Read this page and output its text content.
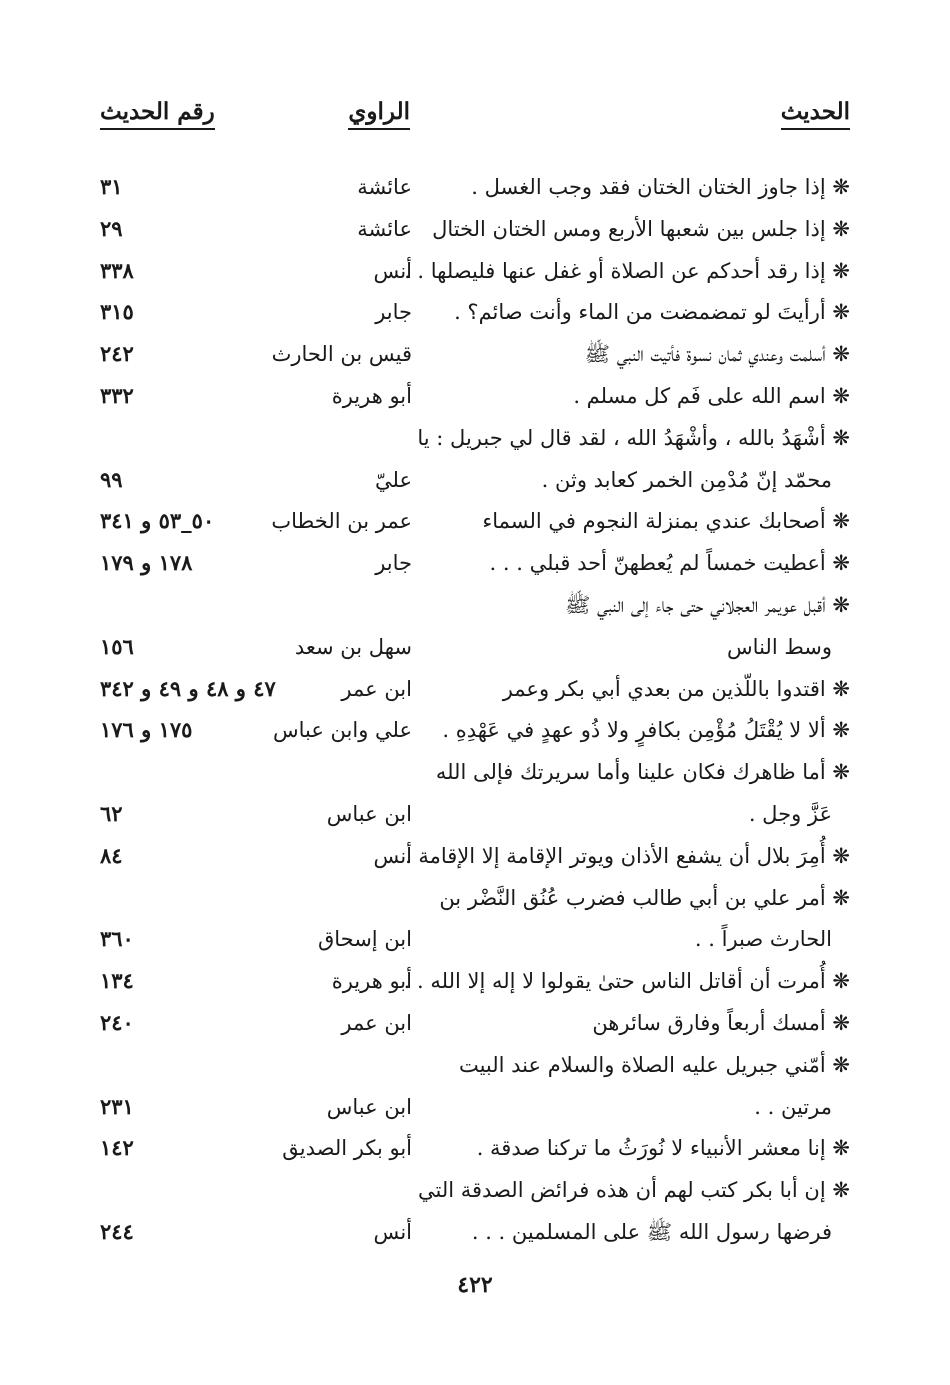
الحديث
الراوي
رقم الحديث
❋ إذا جاوز الختان الختان فقد وجب الغسل .
عائشة
٣١
❋ إذا جلس بين شعبها الأربع ومس الختان الختال
عائشة
٢٩
❋ إذا رقد أحدكم عن الصلاة أو غفل عنها فليصلها . .
أنس
٣٣٨
❋ أرأيتَ لو تمضمضت من الماء وأنت صائم؟ .
جابر
٣١٥
❋ أسلمت وعندي ثمان نسوة فأتيت النبي ﷺ
قيس بن الحارث
٢٤٢
❋ اسم الله على فَم كل مسلم .
أبو هريرة
٣٣٢
❋ أشْهَدُ بالله ، وأشْهَدُ الله ، لقد قال لي جبريل : يا
محمّد إنّ مُدْمِن الخمر كعابد وثن .
عليّ
٩٩
❋ أصحابك عندي بمنزلة النجوم في السماء
عمر بن الخطاب
٥٠_٥٣ و ٣٤١
❋ أعطيت خمساً لم يُعطهنّ أحد قبلي . . .
جابر
١٧٨ و ١٧٩
❋ أقبل عويمر العجلاني حتى جاء إلى النبي ﷺ
وسط الناس
سهل بن سعد
١٥٦
❋ اقتدوا باللّذين من بعدي أبي بكر وعمر
ابن عمر
٤٧ و ٤٨ و ٤٩ و ٣٤٢
❋ ألا لا يُقْتَلُ مُؤْمِن بكافرٍ ولا ذُو عهدٍ في عَهْدِهِ .
علي وابن عباس
١٧٥ و ١٧٦
❋ أما ظاهرك فكان علينا وأما سريرتك فإلى الله
عَزَّ وجل .
ابن عباس
٦٢
❋ أُمِرَ بلال أن يشفع الأذان ويوتر الإقامة إلا الإقامة .
أنس
٨٤
❋ أمر علي بن أبي طالب فضرب عُنُق النَّضْر بن
الحارث صبراً . .
ابن إسحاق
٣٦٠
❋ أُمرت أن أقاتل الناس حتىٰ يقولوا لا إله إلا الله . .
أبو هريرة
١٣٤
❋ أمسك أربعاً وفارق سائرهن
ابن عمر
٢٤٠
❋ أمّني جبريل عليه الصلاة والسلام عند البيت
مرتين . .
ابن عباس
٢٣١
❋ إنا معشر الأنبياء لا نُورَثُ ما تركنا صدقة .
أبو بكر الصديق
١٤٢
❋ إن أبا بكر كتب لهم أن هذه فرائض الصدقة التي
فرضها رسول الله ﷺ على المسلمين . . .
أنس
٢٤٤
٤٢٢
